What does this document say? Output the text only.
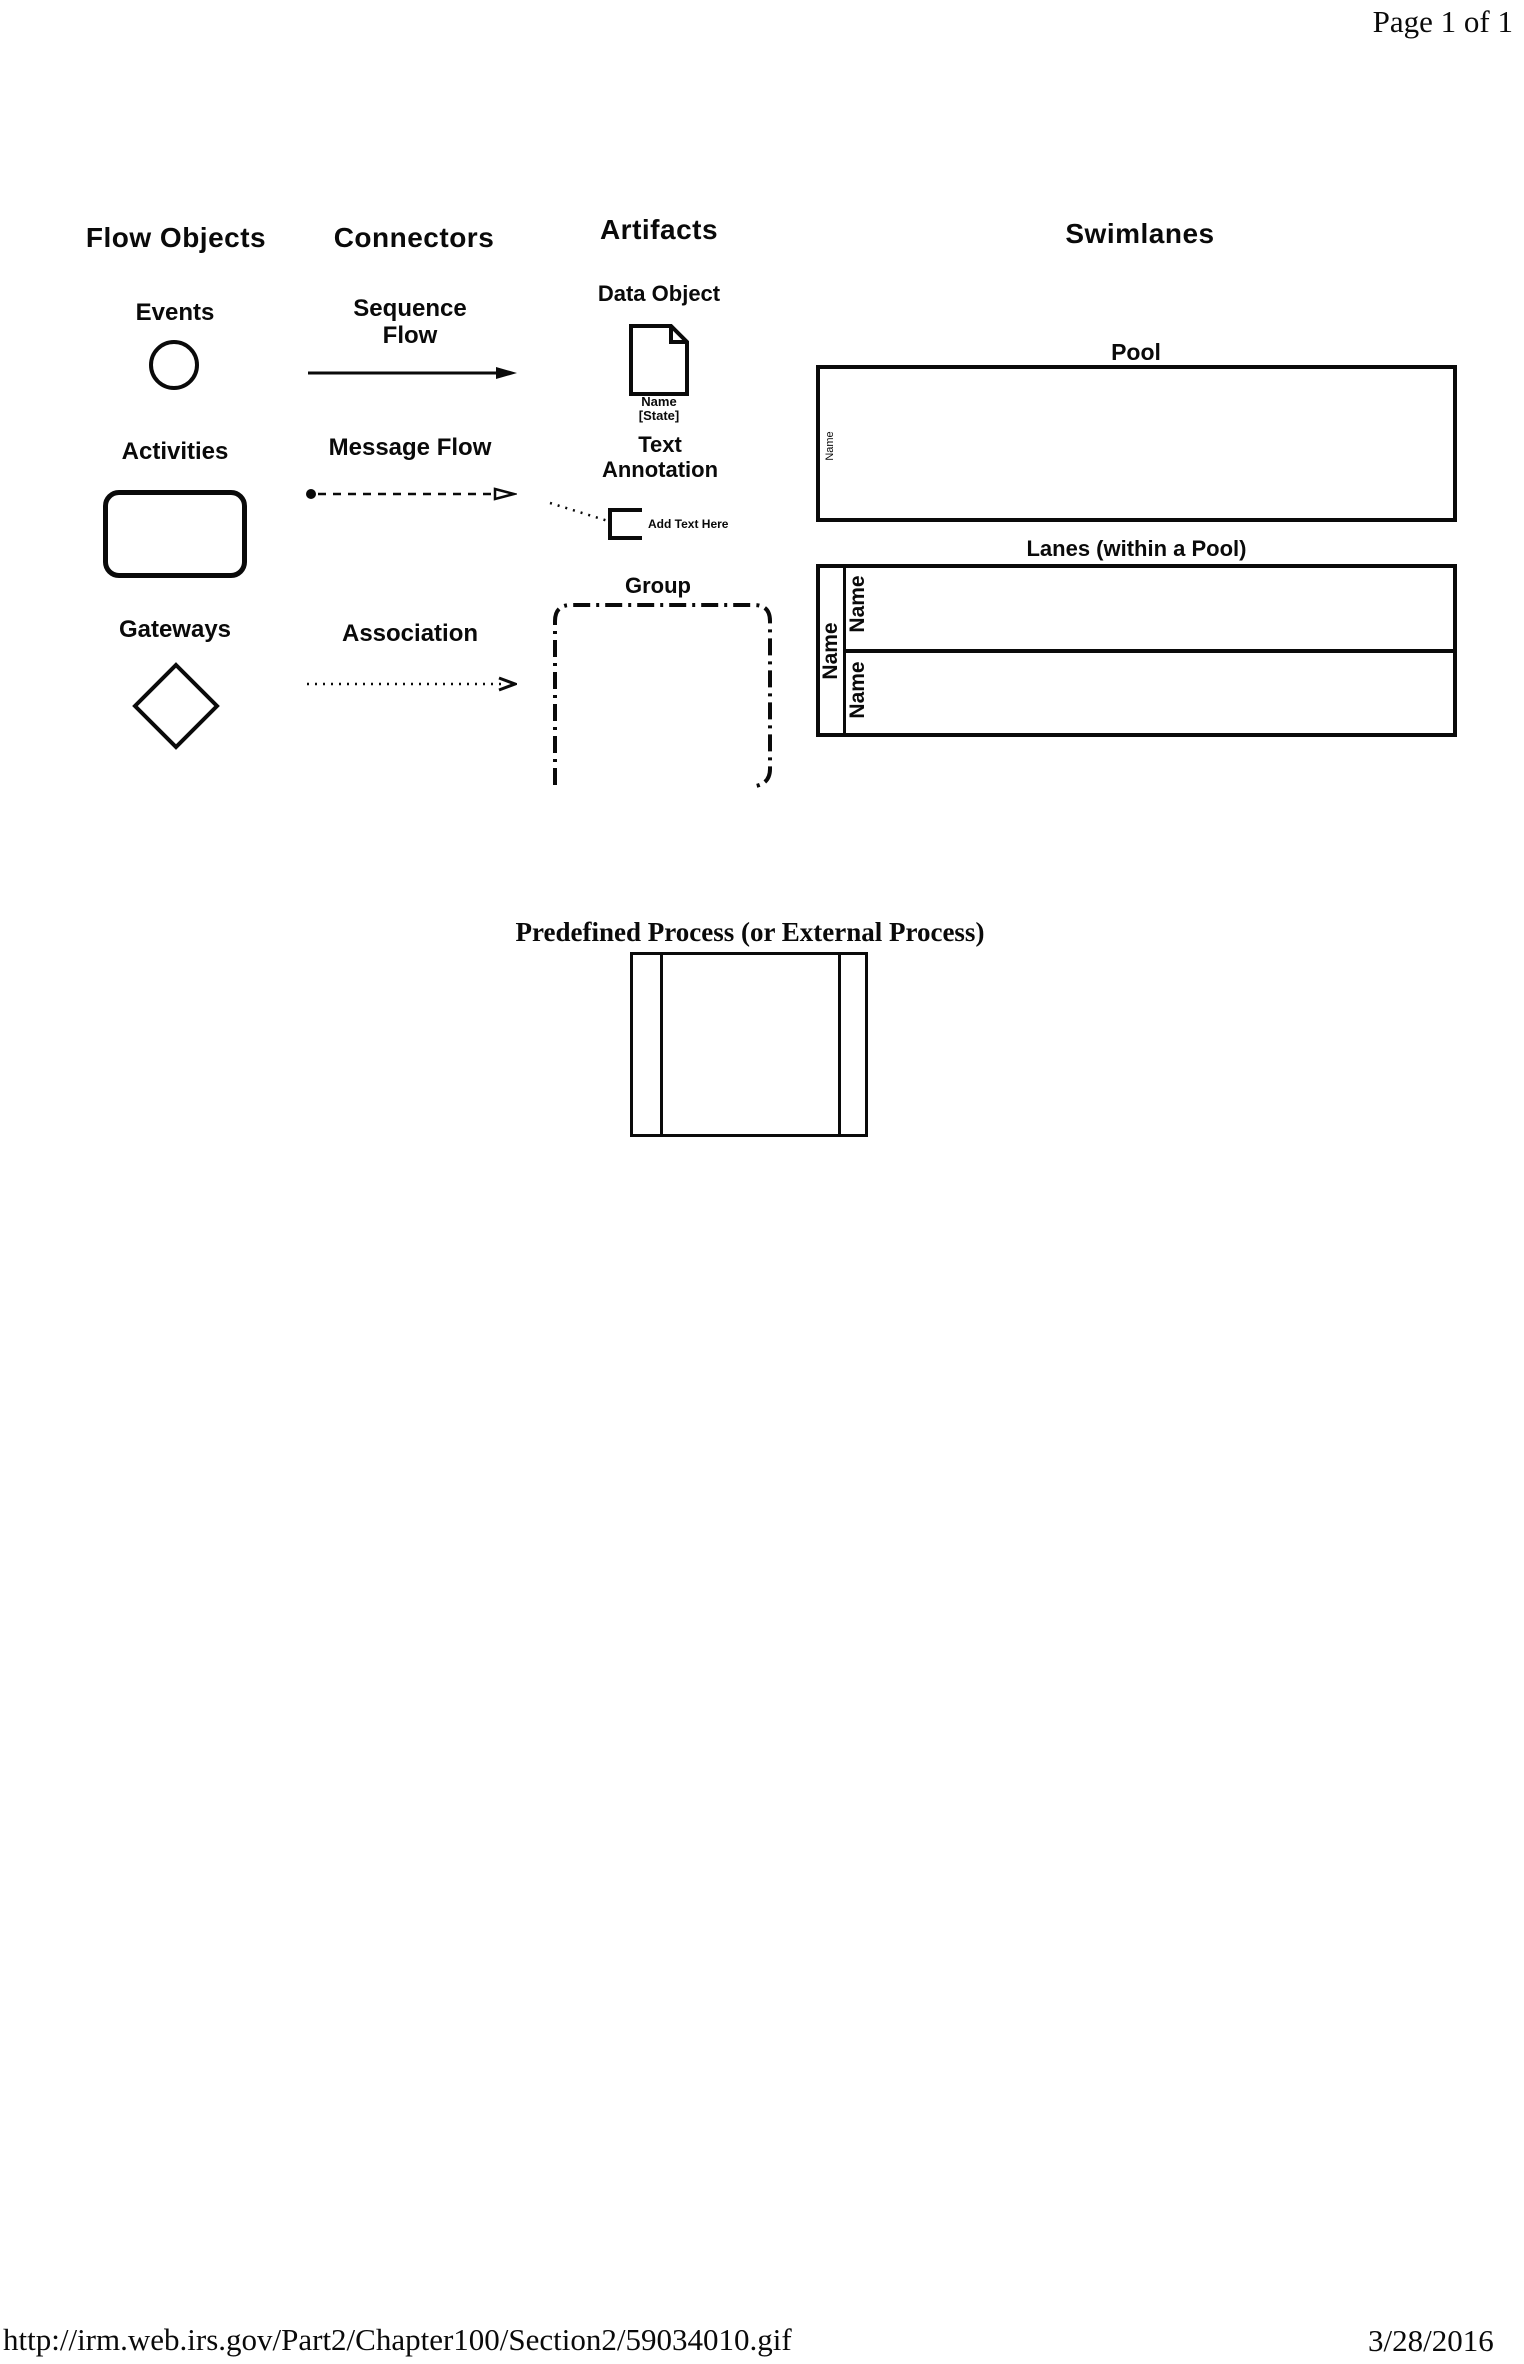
Page 1 of 1
Flow Objects	Connectors	Artifacts	Swimlanes
Events
Activities
Gateways
Sequence Flow
Message Flow
Association
Data Object
Name
[State]
Text Annotation
Add Text Here
Group
Pool
Name
Lanes (within a Pool)
Name
Name
Name
Predefined Process (or External Process)
http://irm.web.irs.gov/Part2/Chapter100/Section2/59034010.gif	3/28/2016
